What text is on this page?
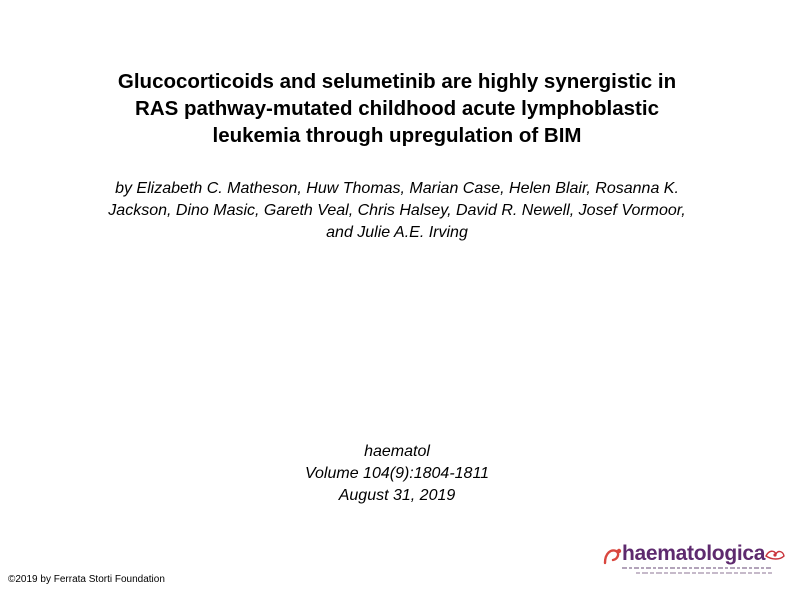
Glucocorticoids and selumetinib are highly synergistic in
RAS pathway-mutated childhood acute lymphoblastic
leukemia through upregulation of BIM
by Elizabeth C. Matheson, Huw Thomas, Marian Case, Helen Blair, Rosanna K.
Jackson, Dino Masic, Gareth Veal, Chris Halsey, David R. Newell, Josef Vormoor,
and Julie A.E. Irving
haematol
Volume 104(9):1804-1811
August 31, 2019
©2019 by Ferrata Storti Foundation
haematologica
